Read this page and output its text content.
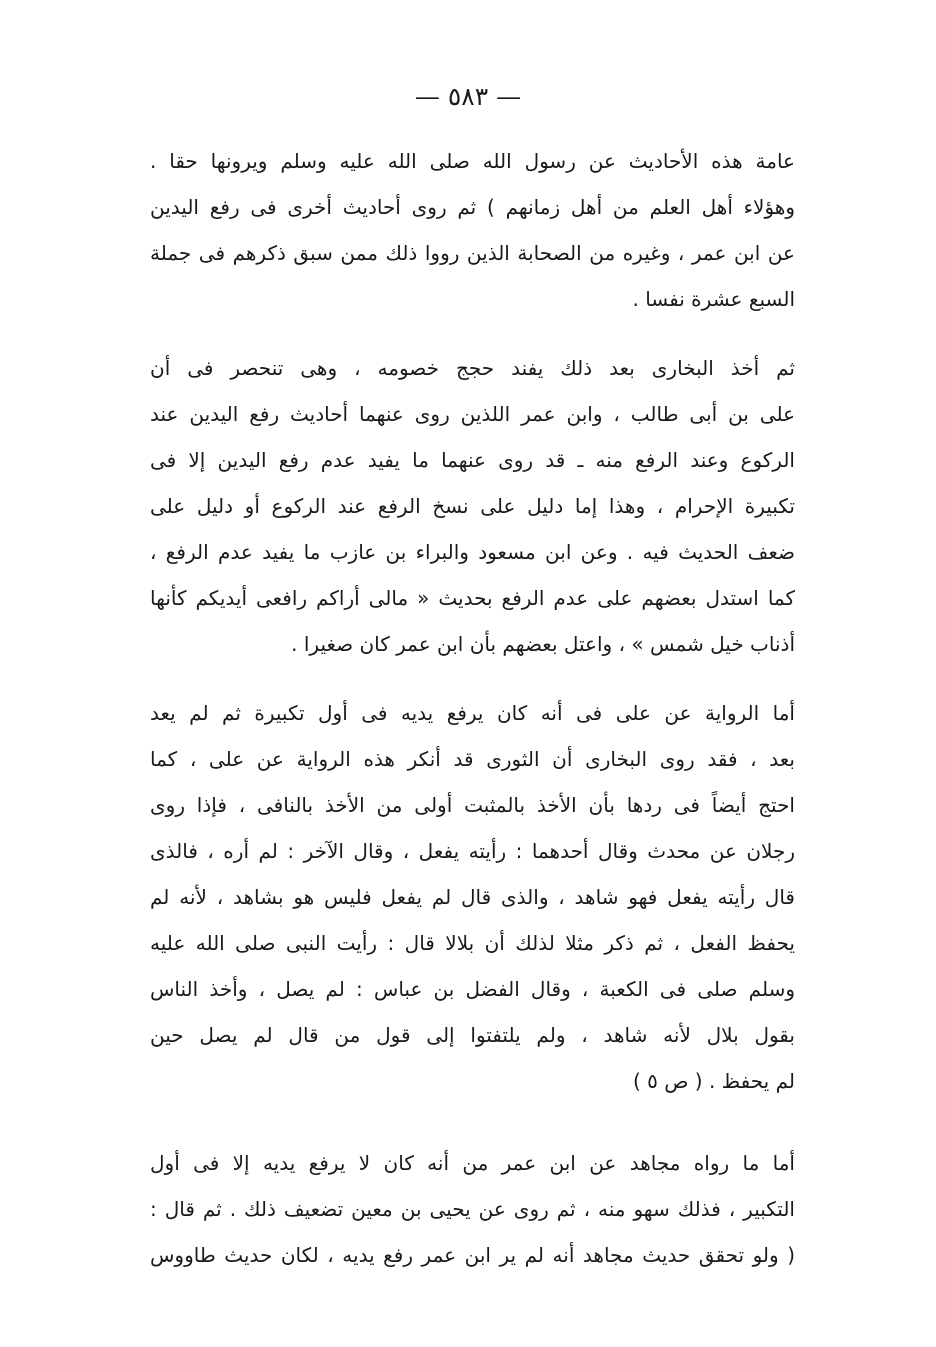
— ٥٨٣ —
عامة هذه الأحاديث عن رسول الله صلى الله عليه وسلم ويرونها حقا .
وهؤلاء أهل العلم من أهل زمانهم ) ثم روى أحاديث أخرى فى رفع اليدين
عن ابن عمر ، وغيره من الصحابة الذين رووا ذلك ممن سبق ذكرهم فى جملة
السبع عشرة نفسا .
ثم أخذ البخارى بعد ذلك يفند حجج خصومه ، وهى تنحصر فى أن
على بن أبى طالب ، وابن عمر اللذين روى عنهما أحاديث رفع اليدين عند
الركوع وعند الرفع منه ـ قد روى عنهما ما يفيد عدم رفع اليدين إلا فى
تكبيرة الإحرام ، وهذا إما دليل على نسخ الرفع عند الركوع أو دليل على
ضعف الحديث فيه . وعن ابن مسعود والبراء بن عازب ما يفيد عدم الرفع ،
كما استدل بعضهم على عدم الرفع بحديث « مالى أراكم رافعى أيديكم كأنها
أذناب خيل شمس » ، واعتل بعضهم بأن ابن عمر كان صغيرا .
أما الرواية عن على فى أنه كان يرفع يديه فى أول تكبيرة ثم لم يعد
بعد ، فقد روى البخارى أن الثورى قد أنكر هذه الرواية عن على ، كما
احتج أيضاً فى ردها بأن الأخذ بالمثبت أولى من الأخذ بالنافى ، فإذا روى
رجلان عن محدث وقال أحدهما : رأيته يفعل ، وقال الآخر : لم أره ، فالذى
قال رأيته يفعل فهو شاهد ، والذى قال لم يفعل فليس هو بشاهد ، لأنه لم
يحفظ الفعل ، ثم ذكر مثلا لذلك أن بلالا قال : رأيت النبى صلى الله عليه
وسلم صلى فى الكعبة ، وقال الفضل بن عباس : لم يصل ، وأخذ الناس
بقول بلال لأنه شاهد ، ولم يلتفتوا إلى قول من قال لم يصل حين
لم يحفظ . ( ص ٥ )
أما ما رواه مجاهد عن ابن عمر من أنه كان لا يرفع يديه إلا فى أول
التكبير ، فذلك سهو منه ، ثم روى عن يحيى بن معين تضعيف ذلك . ثم قال :
( ولو تحقق حديث مجاهد أنه لم ير ابن عمر رفع يديه ، لكان حديث طاووس
